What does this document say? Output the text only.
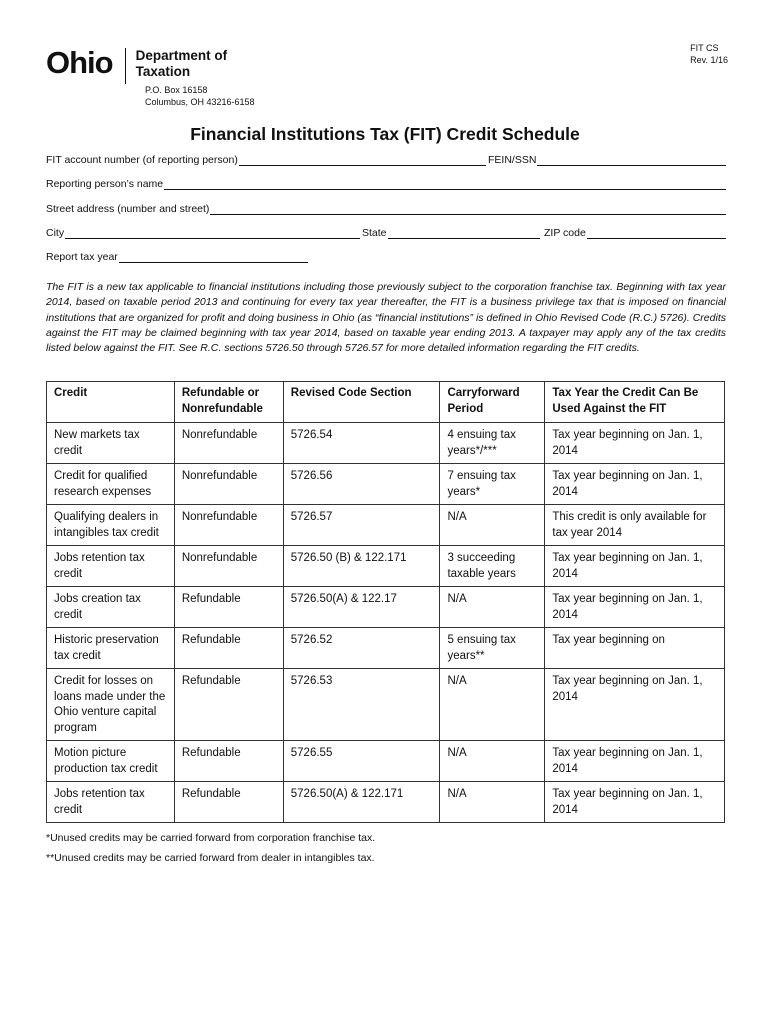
Ohio Department of
Taxation
P.O. Box 16158
Columbus, OH 43216-6158
FIT CS
Rev. 1/16
Financial Institutions Tax (FIT) Credit Schedule
FIT account number (of reporting person)	FEIN/SSN
Reporting person’s name
Street address (number and street)
City	State	ZIP code
Report tax year
The FIT is a new tax applicable to financial institutions including those previously subject to the corporation franchise tax. Beginning with tax year 2014, based on taxable period 2013 and continuing for every tax year thereafter, the FIT is a business privilege tax that is imposed on financial institutions that are organized for profit and doing business in Ohio (as “financial institutions” is defined in Ohio Revised Code (R.C.) 5726). Credits against the FIT may be claimed beginning with tax year 2014, based on taxable year ending 2013. A taxpayer may apply any of the tax credits listed below against the FIT. See R.C. sections 5726.50 through 5726.57 for more detailed information regarding the FIT credits.
Credit	Refundable or Nonrefundable	Revised Code Section	Carryforward Period	Tax Year the Credit Can Be Used Against the FIT
New markets tax credit	Nonrefundable	5726.54	4 ensuing tax years*/***	Tax year beginning on Jan. 1, 2014
Credit for qualified research expenses	Nonrefundable	5726.56	7 ensuing tax years*	Tax year beginning on Jan. 1, 2014
Qualifying dealers in intangibles tax credit	Nonrefundable	5726.57	N/A	This credit is only available for tax year 2014
Jobs retention tax credit	Nonrefundable	5726.50 (B) & 122.171	3 succeeding taxable years	Tax year beginning on Jan. 1, 2014
Jobs creation tax credit	Refundable	5726.50(A) & 122.17	N/A	Tax year beginning on Jan. 1, 2014
Historic preservation tax credit	Refundable	5726.52	5 ensuing tax years**	Tax year beginning on
Credit for losses on loans made under the Ohio venture capital program	Refundable	5726.53	N/A	Tax year beginning on Jan. 1, 2014
Motion picture production tax credit	Refundable	5726.55	N/A	Tax year beginning on Jan. 1, 2014
Jobs retention tax credit	Refundable	5726.50(A) & 122.171	N/A	Tax year beginning on Jan. 1, 2014
*Unused credits may be carried forward from corporation franchise tax.
**Unused credits may be carried forward from dealer in intangibles tax.
